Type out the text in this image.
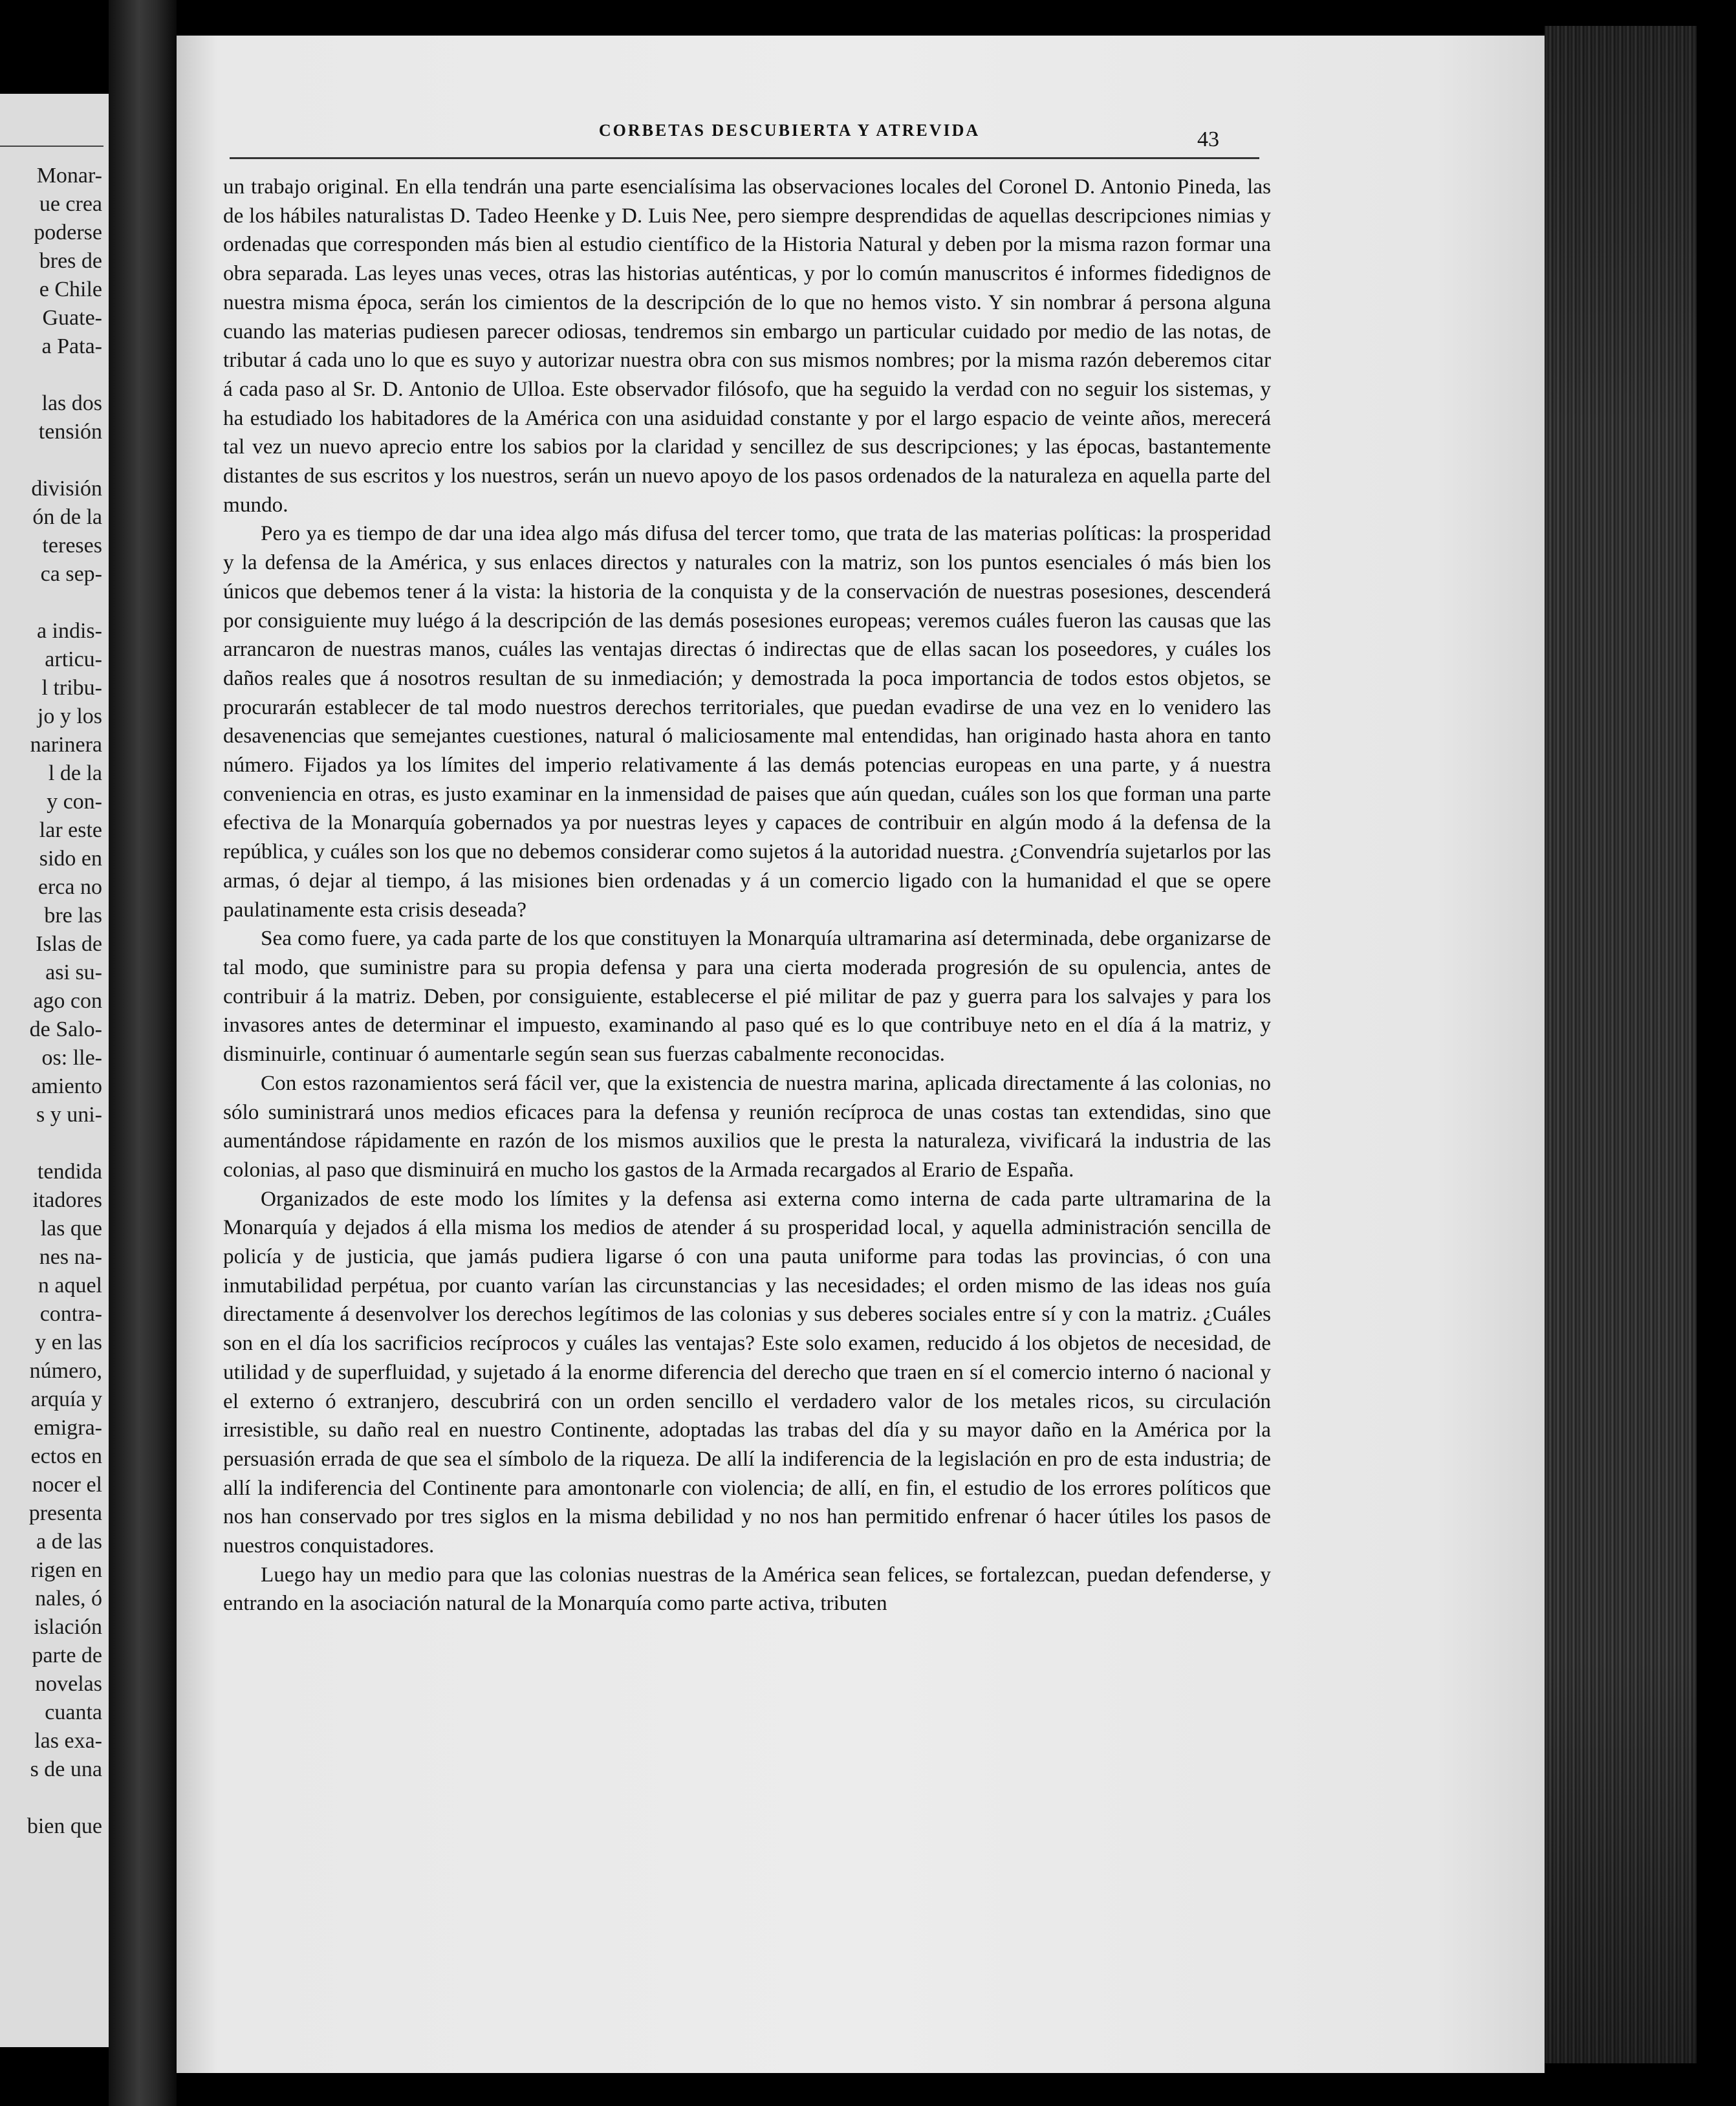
Monar-
ue crea
poderse
bres de
e Chile
Guate-
a Pata-
las dos
tensión
división
ón de la
tereses
ca sep-
a indis-
articu-
l tribu-
jo y los
narinera
l de la
y con-
lar este
sido en
erca no
bre las
Islas de
asi su-
ago con
de Salo-
os: lle-
amiento
s y uni-
tendida
itadores
las que
nes na-
n aquel
contra-
y en las
número,
arquía y
emigra-
ectos en
nocer el
presenta
a de las
rigen en
nales, ó
islación
parte de
novelas
cuanta
las exa-
s de una
bien que
CORBETAS DESCUBIERTA Y ATREVIDA	43

un trabajo original. En ella tendrán una parte esencialísima las observaciones locales del Coronel D. Antonio Pineda, las de los hábiles naturalistas D. Tadeo Heenke y D. Luis Nee, pero siempre desprendidas de aquellas descripciones nimias y ordenadas que corresponden más bien al estudio científico de la Historia Natural y deben por la misma razon formar una obra separada. Las leyes unas veces, otras las historias auténticas, y por lo común manuscritos é informes fidedignos de nuestra misma época, serán los cimientos de la descripción de lo que no hemos visto. Y sin nombrar á persona alguna cuando las materias pudiesen parecer odiosas, tendremos sin embargo un particular cuidado por medio de las notas, de tributar á cada uno lo que es suyo y autorizar nuestra obra con sus mismos nombres; por la misma razón deberemos citar á cada paso al Sr. D. Antonio de Ulloa. Este observador filósofo, que ha seguido la verdad con no seguir los sistemas, y ha estudiado los habitadores de la América con una asiduidad constante y por el largo espacio de veinte años, merecerá tal vez un nuevo aprecio entre los sabios por la claridad y sencillez de sus descripciones; y las épocas, bastantemente distantes de sus escritos y los nuestros, serán un nuevo apoyo de los pasos ordenados de la naturaleza en aquella parte del mundo.

Pero ya es tiempo de dar una idea algo más difusa del tercer tomo, que trata de las materias políticas: la prosperidad y la defensa de la América, y sus enlaces directos y naturales con la matriz, son los puntos esenciales ó más bien los únicos que debemos tener á la vista: la historia de la conquista y de la conservación de nuestras posesiones, descenderá por consiguiente muy luégo á la descripción de las demás posesiones europeas; veremos cuáles fueron las causas que las arrancaron de nuestras manos, cuáles las ventajas directas ó indirectas que de ellas sacan los poseedores, y cuáles los daños reales que á nosotros resultan de su inmediación; y demostrada la poca importancia de todos estos objetos, se procurarán establecer de tal modo nuestros derechos territoriales, que puedan evadirse de una vez en lo venidero las desavenencias que semejantes cuestiones, natural ó maliciosamente mal entendidas, han originado hasta ahora en tanto número. Fijados ya los límites del imperio relativamente á las demás potencias europeas en una parte, y á nuestra conveniencia en otras, es justo examinar en la inmensidad de paises que aún quedan, cuáles son los que forman una parte efectiva de la Monarquía gobernados ya por nuestras leyes y capaces de contribuir en algún modo á la defensa de la república, y cuáles son los que no debemos considerar como sujetos á la autoridad nuestra. ¿Convendría sujetarlos por las armas, ó dejar al tiempo, á las misiones bien ordenadas y á un comercio ligado con la humanidad el que se opere paulatinamente esta crisis deseada?

Sea como fuere, ya cada parte de los que constituyen la Monarquía ultramarina así determinada, debe organizarse de tal modo, que suministre para su propia defensa y para una cierta moderada progresión de su opulencia, antes de contribuir á la matriz. Deben, por consiguiente, establecerse el pié militar de paz y guerra para los salvajes y para los invasores antes de determinar el impuesto, examinando al paso qué es lo que contribuye neto en el día á la matriz, y disminuirle, continuar ó aumentarle según sean sus fuerzas cabalmente reconocidas.

Con estos razonamientos será fácil ver, que la existencia de nuestra marina, aplicada directamente á las colonias, no sólo suministrará unos medios eficaces para la defensa y reunión recíproca de unas costas tan extendidas, sino que aumentándose rápidamente en razón de los mismos auxilios que le presta la naturaleza, vivificará la industria de las colonias, al paso que disminuirá en mucho los gastos de la Armada recargados al Erario de España.

Organizados de este modo los límites y la defensa asi externa como interna de cada parte ultramarina de la Monarquía y dejados á ella misma los medios de atender á su prosperidad local, y aquella administración sencilla de policía y de justicia, que jamás pudiera ligarse ó con una pauta uniforme para todas las provincias, ó con una inmutabilidad perpétua, por cuanto varían las circunstancias y las necesidades; el orden mismo de las ideas nos guía directamente á desenvolver los derechos legítimos de las colonias y sus deberes sociales entre sí y con la matriz. ¿Cuáles son en el día los sacrificios recíprocos y cuáles las ventajas? Este solo examen, reducido á los objetos de necesidad, de utilidad y de superfluidad, y sujetado á la enorme diferencia del derecho que traen en sí el comercio interno ó nacional y el externo ó extranjero, descubrirá con un orden sencillo el verdadero valor de los metales ricos, su circulación irresistible, su daño real en nuestro Continente, adoptadas las trabas del día y su mayor daño en la América por la persuasión errada de que sea el símbolo de la riqueza. De allí la indiferencia de la legislación en pro de esta industria; de allí la indiferencia del Continente para amontonarle con violencia; de allí, en fin, el estudio de los errores políticos que nos han conservado por tres siglos en la misma debilidad y no nos han permitido enfrenar ó hacer útiles los pasos de nuestros conquistadores.

Luego hay un medio para que las colonias nuestras de la América sean felices, se fortalezcan, puedan defenderse, y entrando en la asociación natural de la Monarquía como parte activa, tributen
